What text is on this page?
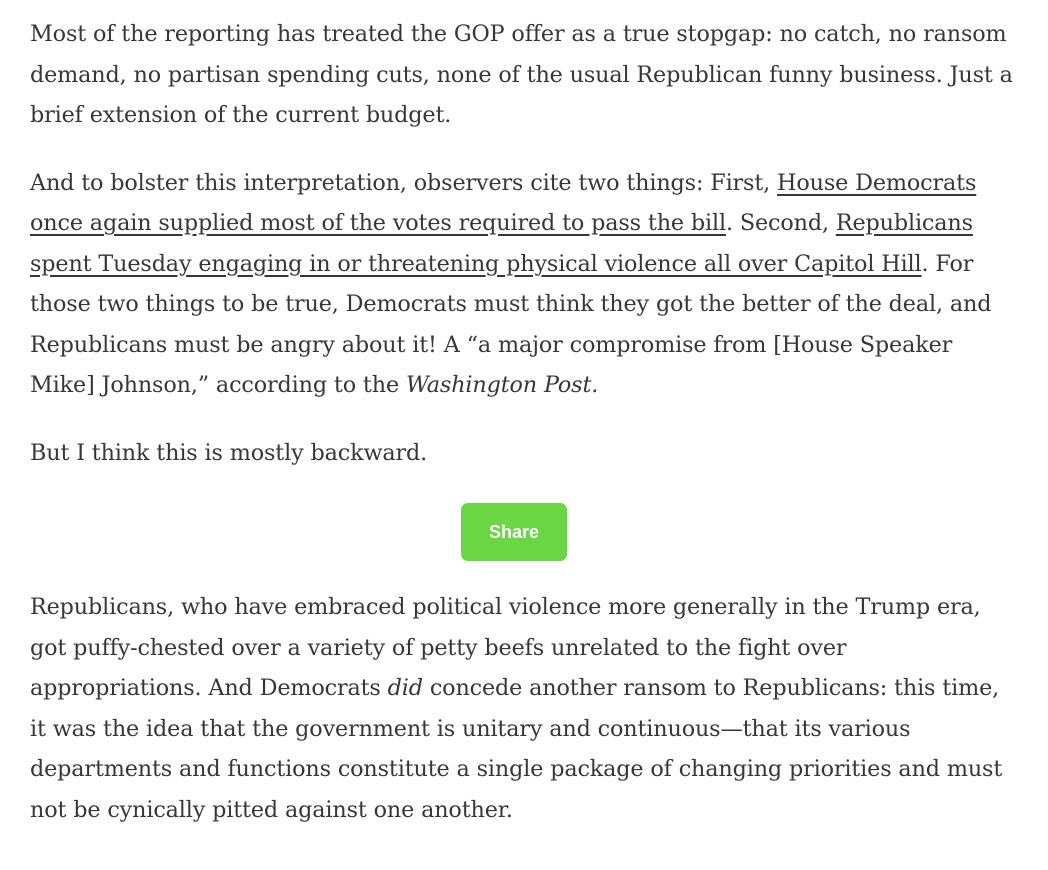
Most of the reporting has treated the GOP offer as a true stopgap: no catch, no ransom demand, no partisan spending cuts, none of the usual Republican funny business. Just a brief extension of the current budget.

And to bolster this interpretation, observers cite two things: First, House Democrats once again supplied most of the votes required to pass the bill. Second, Republicans spent Tuesday engaging in or threatening physical violence all over Capitol Hill. For those two things to be true, Democrats must think they got the better of the deal, and Republicans must be angry about it! A “a major compromise from [House Speaker Mike] Johnson,” according to the Washington Post.

But I think this is mostly backward.

Share

Republicans, who have embraced political violence more generally in the Trump era, got puffy-chested over a variety of petty beefs unrelated to the fight over appropriations. And Democrats did concede another ransom to Republicans: this time, it was the idea that the government is unitary and continuous—that its various departments and functions constitute a single package of changing priorities and must not be cynically pitted against one another.
